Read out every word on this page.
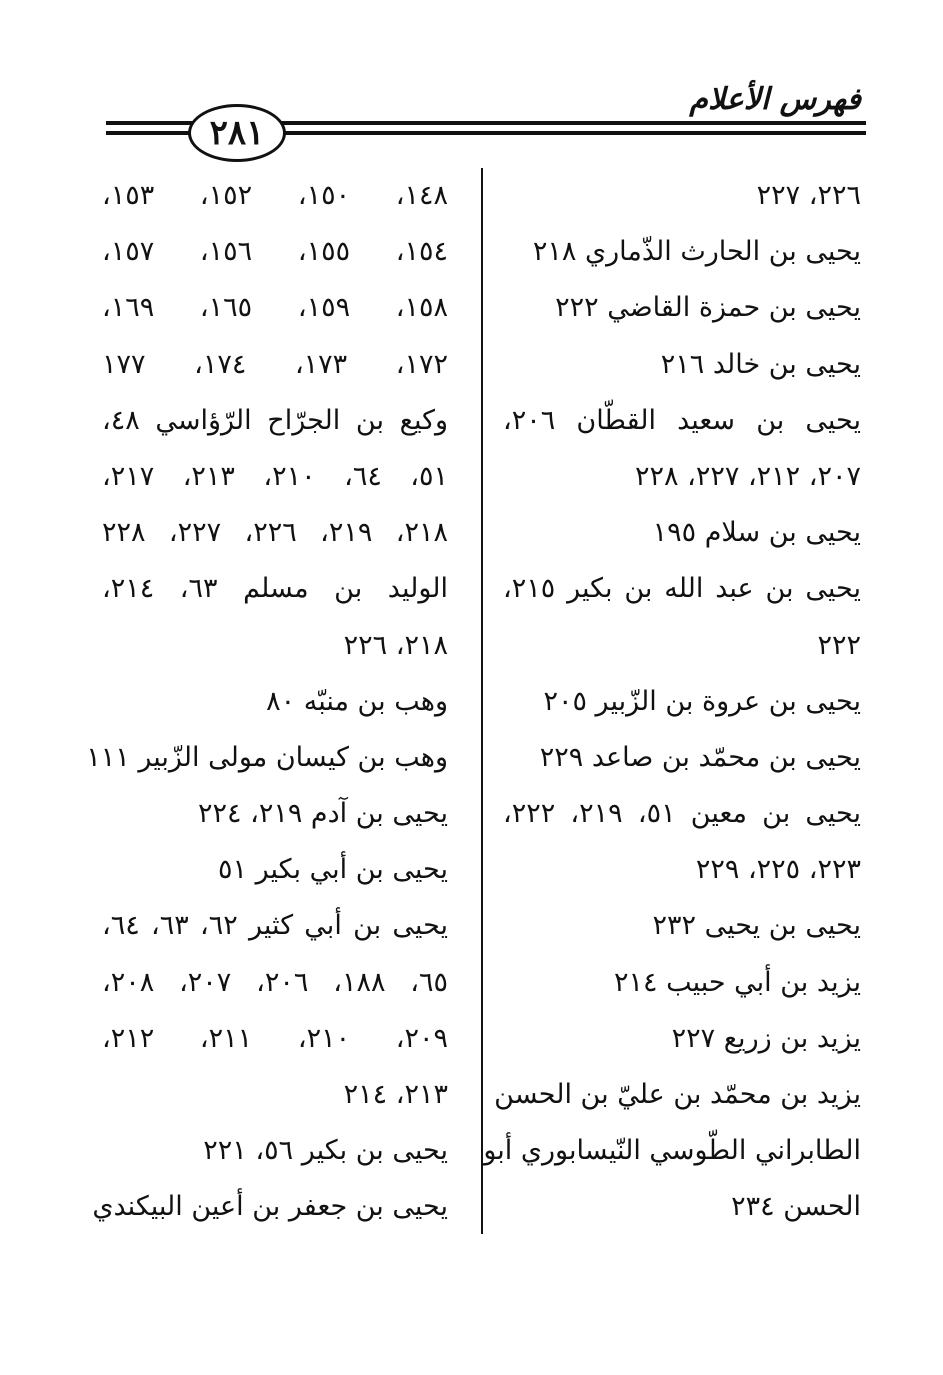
فهرس الأعلام
٢٨١
٢٢٦، ٢٢٧
يحيى بن الحارث الذّماري ٢١٨
يحيى بن حمزة القاضي ٢٢٢
يحيى بن خالد ٢١٦
يحيى بن سعيد القطّان ٢٠٦،
٢٠٧، ٢١٢، ٢٢٧، ٢٢٨
يحيى بن سلام ١٩٥
يحيى بن عبد الله بن بكير ٢١٥،
٢٢٢
يحيى بن عروة بن الزّبير ٢٠٥
يحيى بن محمّد بن صاعد ٢٢٩
يحيى بن معين ٥١، ٢١٩، ٢٢٢،
٢٢٣، ٢٢٥، ٢٢٩
يحيى بن يحيى ٢٣٢
يزيد بن أبي حبيب ٢١٤
يزيد بن زريع ٢٢٧
يزيد بن محمّد بن عليّ بن الحسن
الطابراني الطّوسي النّيسابوري أبو
الحسن ٢٣٤
١٤٨، ١٥٠، ١٥٢، ١٥٣،
١٥٤، ١٥٥، ١٥٦، ١٥٧،
١٥٨، ١٥٩، ١٦٥، ١٦٩،
١٧٢، ١٧٣، ١٧٤، ١٧٧
وكيع بن الجرّاح الرّؤاسي ٤٨،
٥١، ٦٤، ٢١٠، ٢١٣، ٢١٧،
٢١٨، ٢١٩، ٢٢٦، ٢٢٧، ٢٢٨
الوليد بن مسلم ٦٣، ٢١٤،
٢١٨، ٢٢٦
وهب بن منبّه ٨٠
وهب بن كيسان مولى الزّبير ١١١
يحيى بن آدم ٢١٩، ٢٢٤
يحيى بن أبي بكير ٥١
يحيى بن أبي كثير ٦٢، ٦٣، ٦٤،
٦٥، ١٨٨، ٢٠٦، ٢٠٧، ٢٠٨،
٢٠٩، ٢١٠، ٢١١، ٢١٢،
٢١٣، ٢١٤
يحيى بن بكير ٥٦، ٢٢١
يحيى بن جعفر بن أعين البيكندي
